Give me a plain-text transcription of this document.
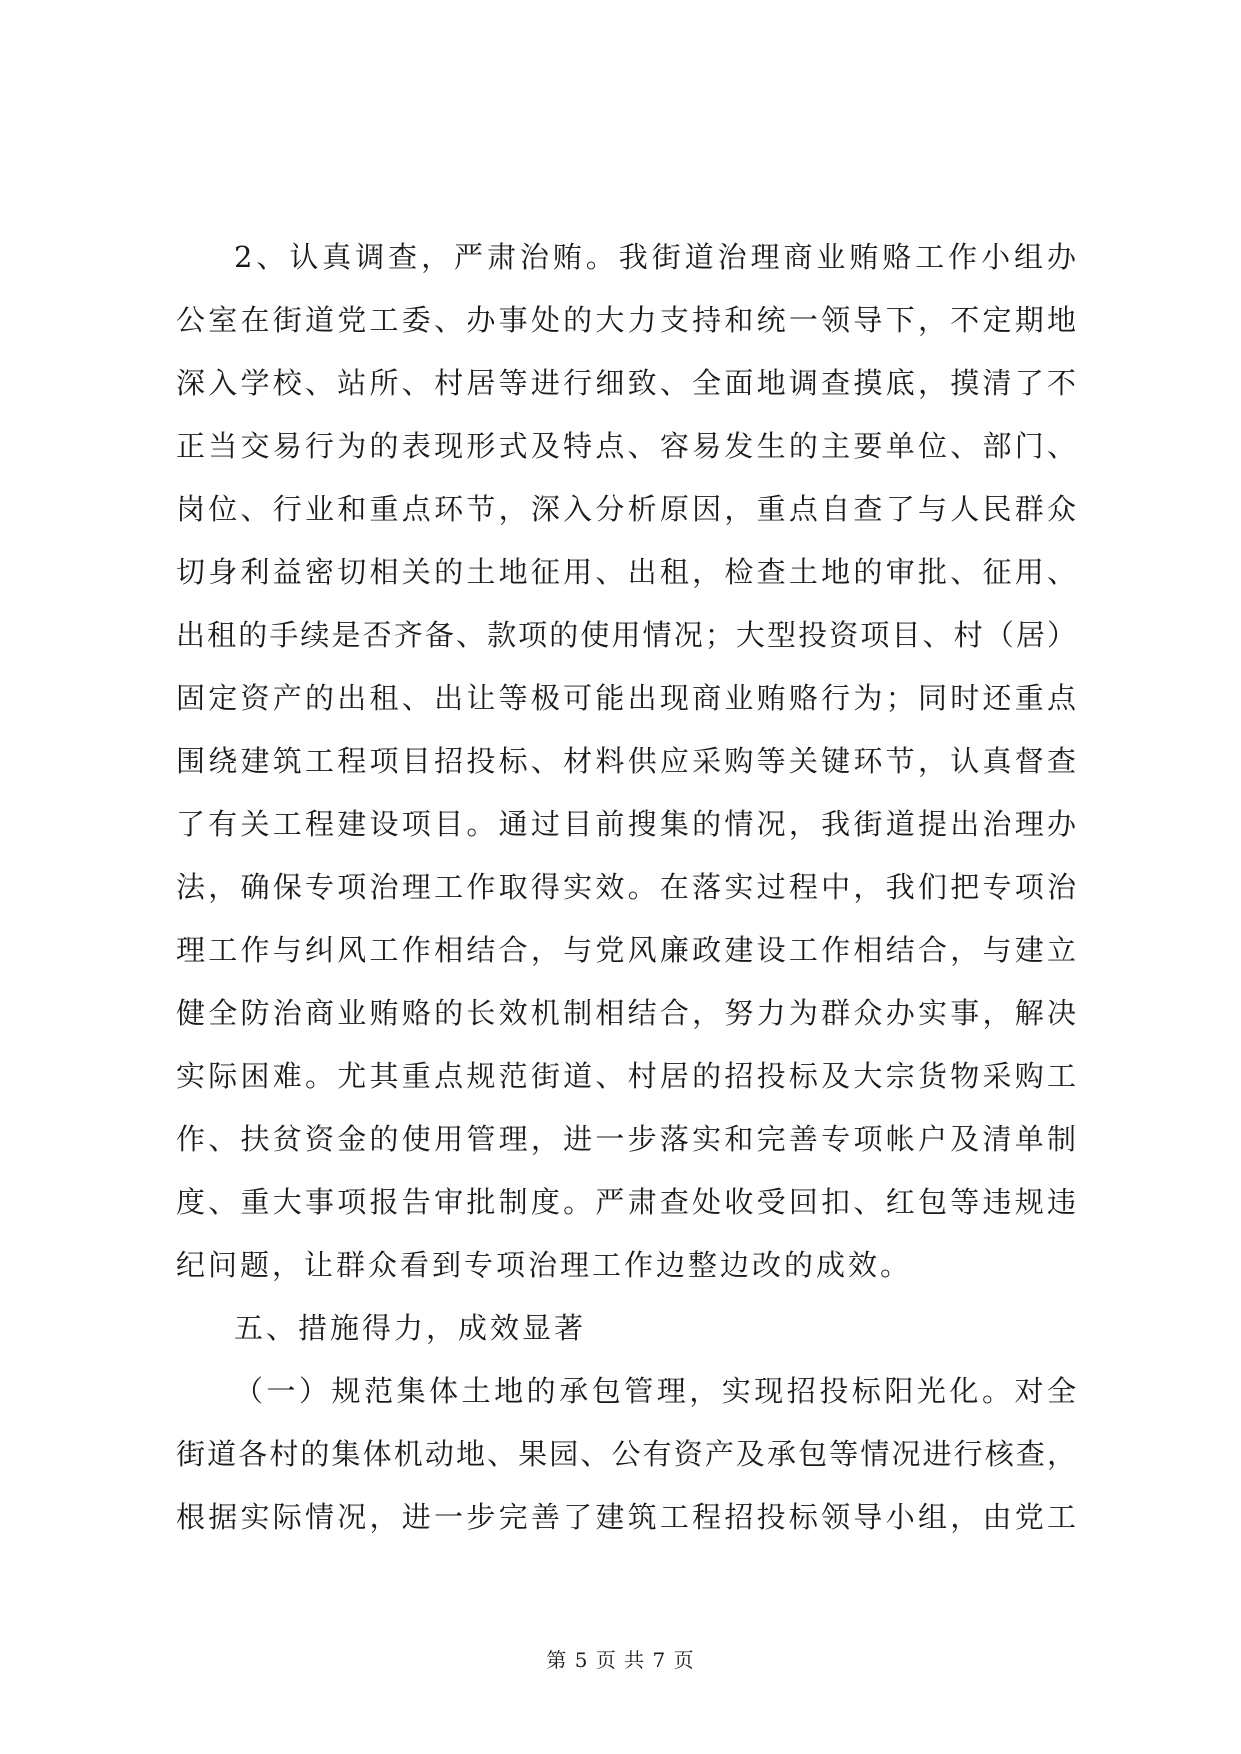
2、认真调查，严肃治贿。我街道治理商业贿赂工作小组办
公室在街道党工委、办事处的大力支持和统一领导下，不定期地
深入学校、站所、村居等进行细致、全面地调查摸底，摸清了不
正当交易行为的表现形式及特点、容易发生的主要单位、部门、
岗位、行业和重点环节，深入分析原因，重点自查了与人民群众
切身利益密切相关的土地征用、出租，检查土地的审批、征用、
出租的手续是否齐备、款项的使用情况；大型投资项目、村（居）
固定资产的出租、出让等极可能出现商业贿赂行为；同时还重点
围绕建筑工程项目招投标、材料供应采购等关键环节，认真督查
了有关工程建设项目。通过目前搜集的情况，我街道提出治理办
法，确保专项治理工作取得实效。在落实过程中，我们把专项治
理工作与纠风工作相结合，与党风廉政建设工作相结合，与建立
健全防治商业贿赂的长效机制相结合，努力为群众办实事，解决
实际困难。尤其重点规范街道、村居的招投标及大宗货物采购工
作、扶贫资金的使用管理，进一步落实和完善专项帐户及清单制
度、重大事项报告审批制度。严肃查处收受回扣、红包等违规违
纪问题，让群众看到专项治理工作边整边改的成效。
五、措施得力，成效显著
（一）规范集体土地的承包管理，实现招投标阳光化。对全
街道各村的集体机动地、果园、公有资产及承包等情况进行核查，
根据实际情况，进一步完善了建筑工程招投标领导小组，由党工
第 5 页 共 7 页
